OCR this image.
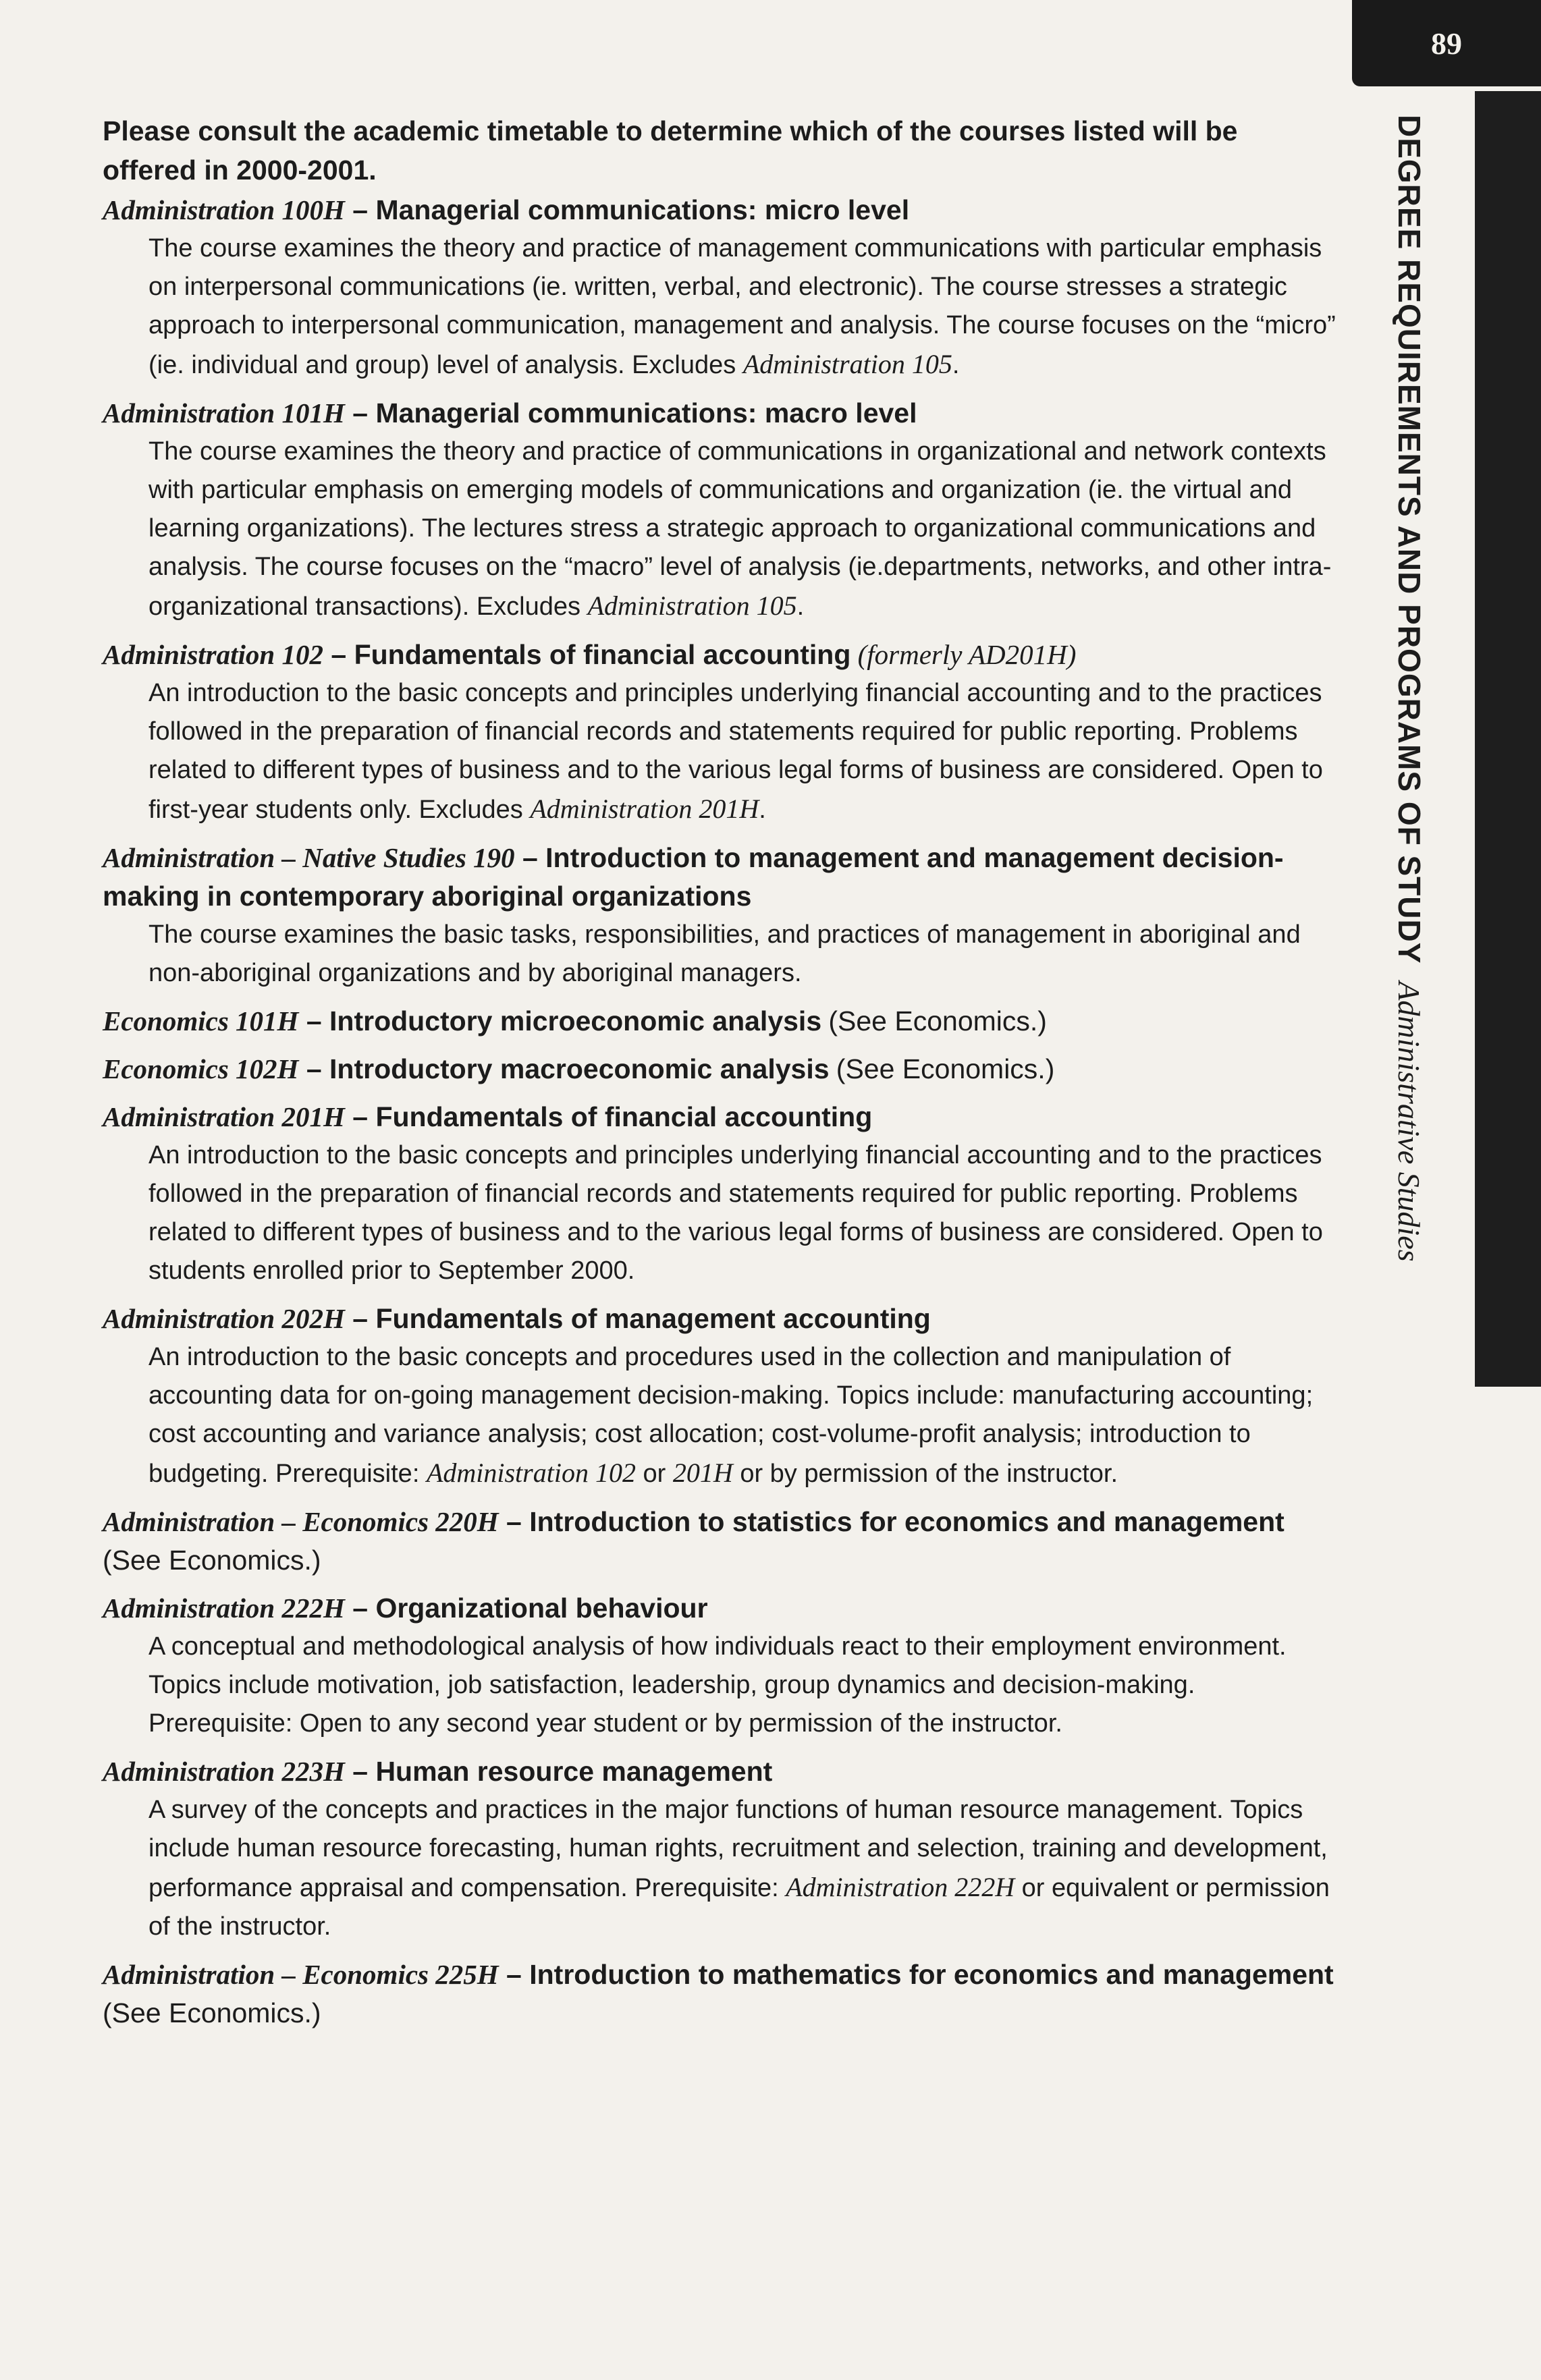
89
DEGREE REQUIREMENTS AND PROGRAMS OF STUDYAdministrative Studies

Please consult the academic timetable to determine which of the courses listed will be offered in 2000-2001.

Administration 100H – Managerial communications: micro level

The course examines the theory and practice of management communications with particular emphasis on interpersonal communications (ie. written, verbal, and electronic). The course stresses a strategic approach to interpersonal communication, management and analysis. The course focuses on the “micro” (ie. individual and group) level of analysis. Excludes Administration 105.

Administration 101H – Managerial communications: macro level

The course examines the theory and practice of communications in organizational and network contexts with particular emphasis on emerging models of communications and organization (ie. the virtual and learning organizations). The lectures stress a strategic approach to organizational communications and analysis. The course focuses on the “macro” level of analysis (ie.departments, networks, and other intra-organizational transactions). Excludes Administration 105.

Administration 102 – Fundamentals of financial accounting (formerly AD201H)

An introduction to the basic concepts and principles underlying financial accounting and to the practices followed in the preparation of financial records and statements required for public reporting. Problems related to different types of business and to the various legal forms of business are considered. Open to first-year students only. Excludes Administration 201H.

Administration – Native Studies 190 – Introduction to management and management decision-making in contemporary aboriginal organizations

The course examines the basic tasks, responsibilities, and practices of management in aboriginal and non-aboriginal organizations and by aboriginal managers.

Economics 101H – Introductory microeconomic analysis (See Economics.)

Economics 102H – Introductory macroeconomic analysis (See Economics.)

Administration 201H – Fundamentals of financial accounting

An introduction to the basic concepts and principles underlying financial accounting and to the practices followed in the preparation of financial records and statements required for public reporting. Problems related to different types of business and to the various legal forms of business are considered. Open to students enrolled prior to September 2000.

Administration 202H – Fundamentals of management accounting

An introduction to the basic concepts and procedures used in the collection and manipulation of accounting data for on-going management decision-making. Topics include: manufacturing accounting; cost accounting and variance analysis; cost allocation; cost-volume-profit analysis; introduction to budgeting. Prerequisite: Administration 102 or 201H or by permission of the instructor.

Administration – Economics 220H – Introduction to statistics for economics and management (See Economics.)

Administration 222H – Organizational behaviour

A conceptual and methodological analysis of how individuals react to their employment environment. Topics include motivation, job satisfaction, leadership, group dynamics and decision-making. Prerequisite: Open to any second year student or by permission of the instructor.

Administration 223H – Human resource management

A survey of the concepts and practices in the major functions of human resource management. Topics include human resource forecasting, human rights, recruitment and selection, training and development, performance appraisal and compensation. Prerequisite: Administration 222H or equivalent or permission of the instructor.

Administration – Economics 225H – Introduction to mathematics for economics and management (See Economics.)
